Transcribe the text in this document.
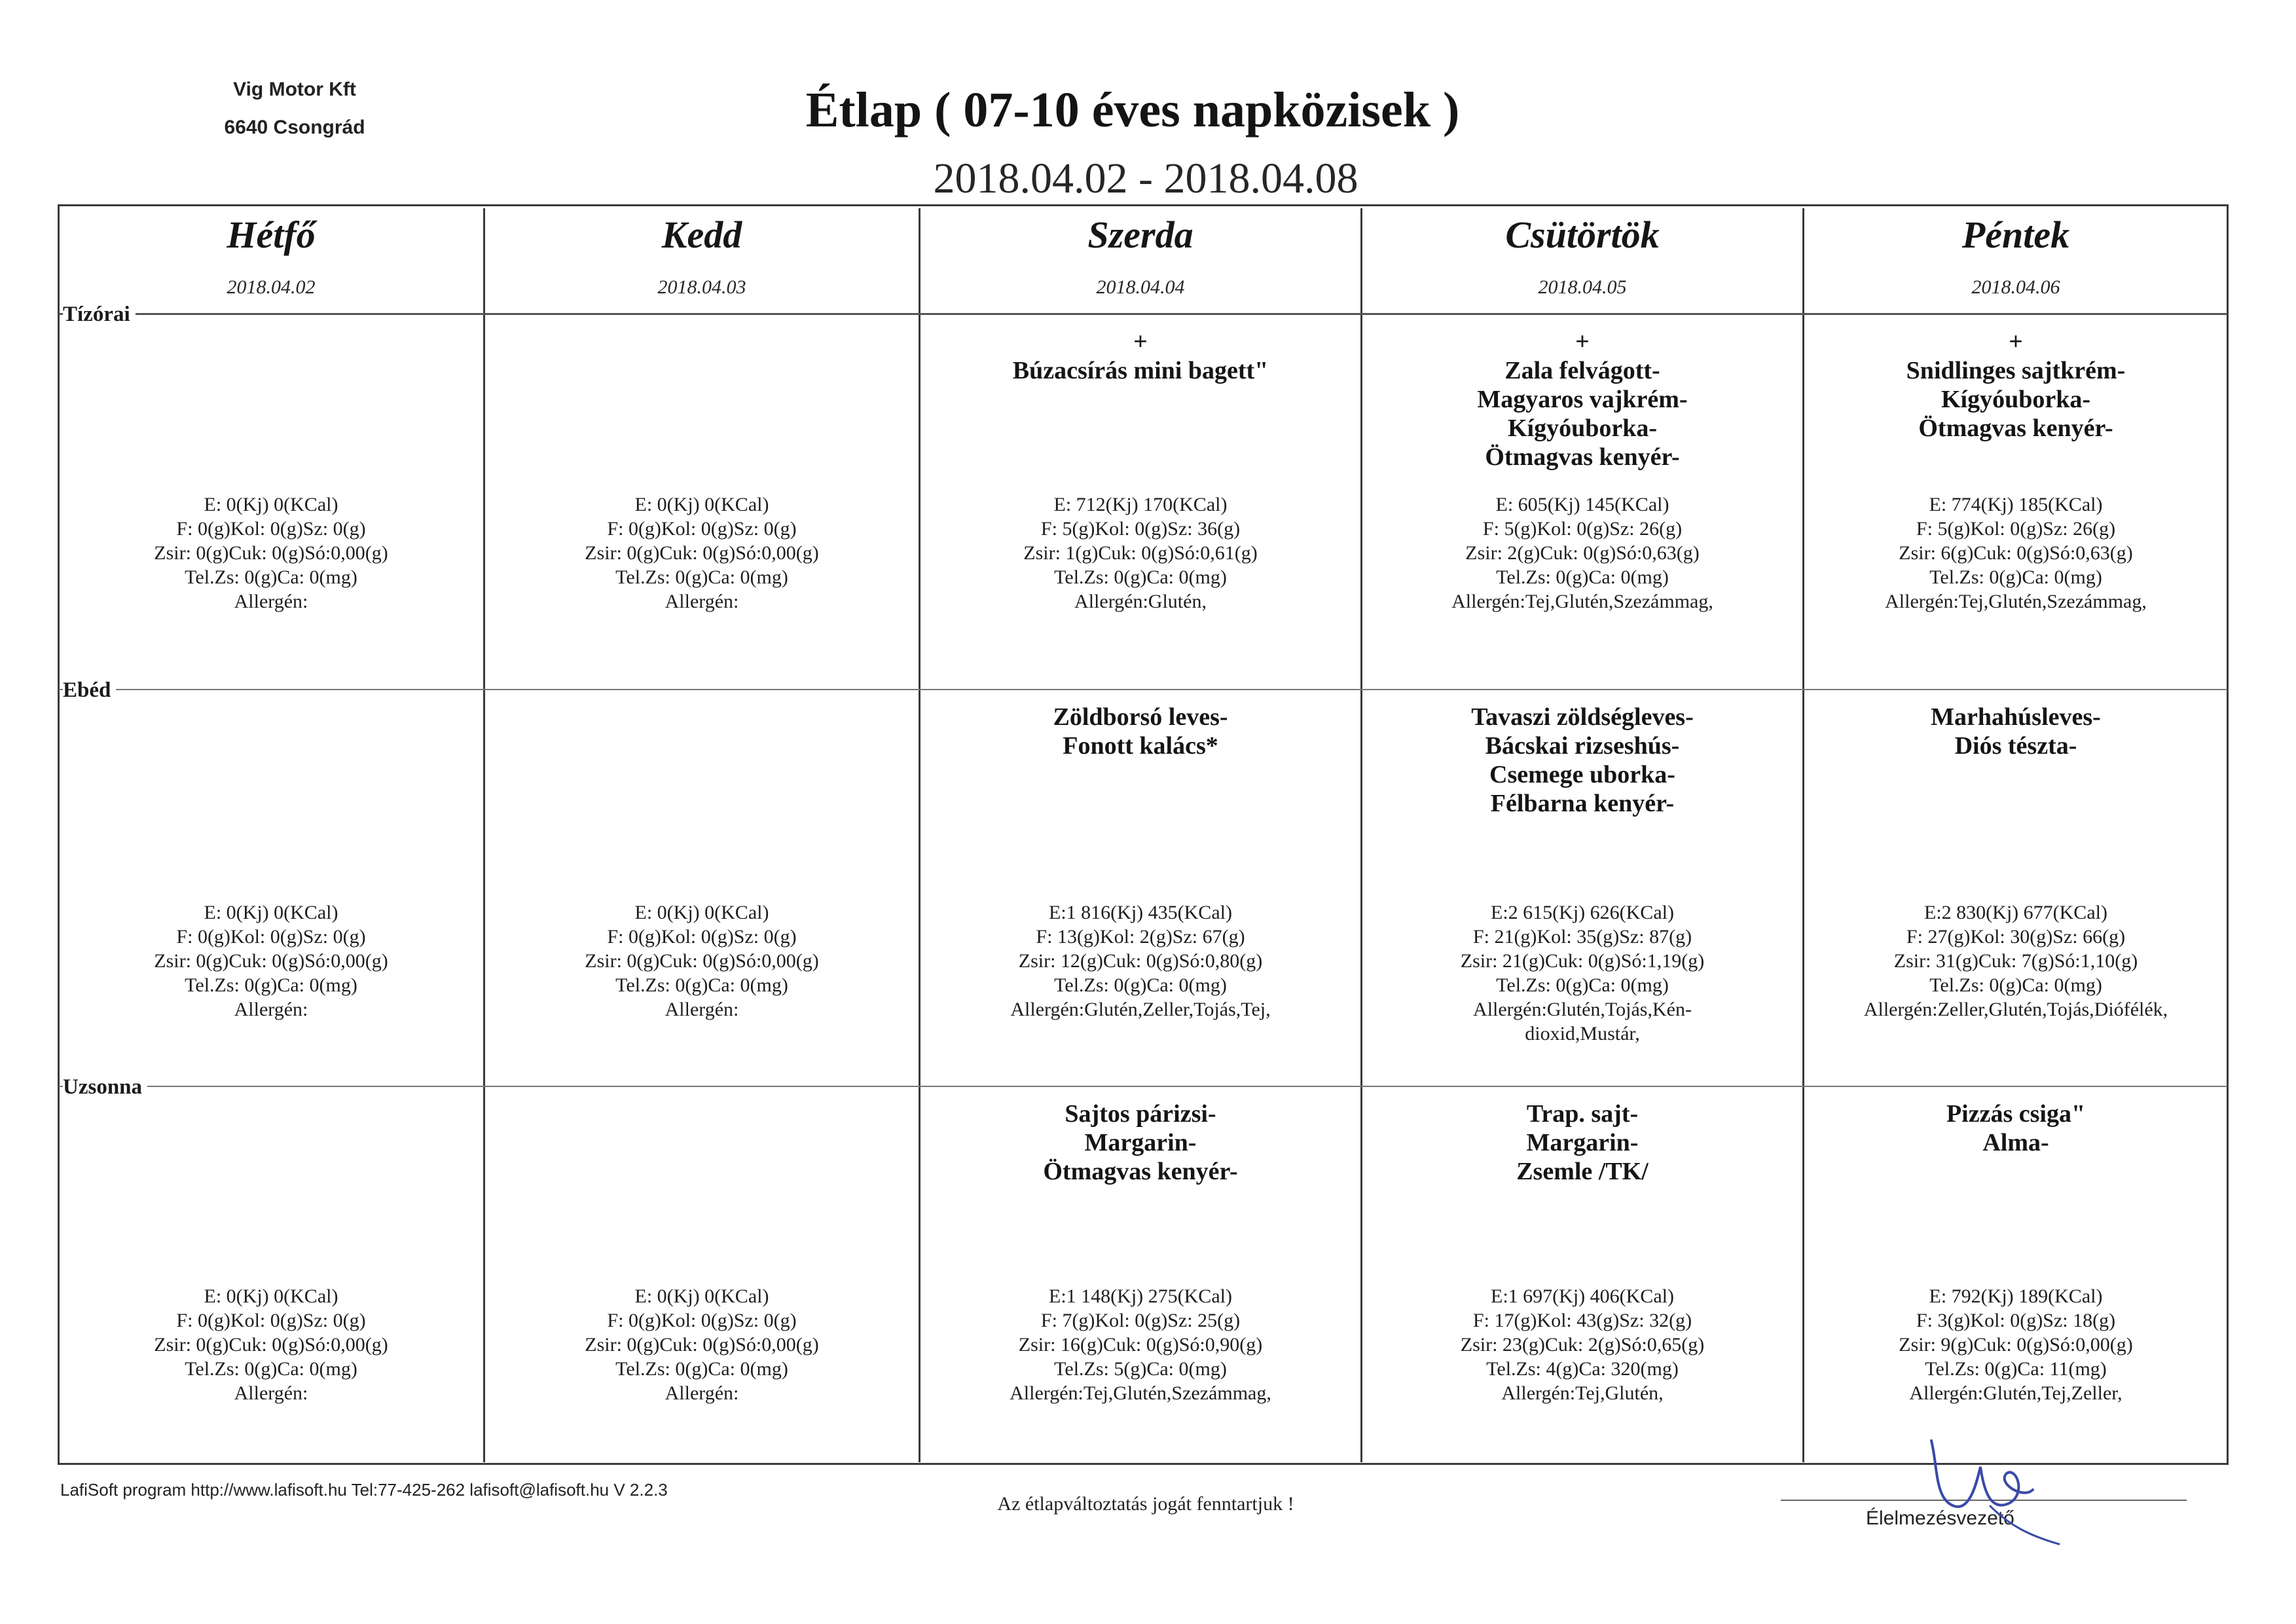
Vig Motor Kft
6640 Csongrád	Étlap ( 07-10 éves napközisek )
2018.04.02 - 2018.04.08
Hétfő
2018.04.02
Kedd
2018.04.03
Szerda
2018.04.04
Csütörtök
2018.04.05
Péntek
2018.04.06
Tízórai
Ebéd
Uzsonna
E: 0(Kj) 0(KCal)
F: 0(g)Kol: 0(g)Sz: 0(g)
Zsir: 0(g)Cuk: 0(g)Só:0,00(g)
Tel.Zs: 0(g)Ca: 0(mg)
Allergén:
E: 0(Kj) 0(KCal)
F: 0(g)Kol: 0(g)Sz: 0(g)
Zsir: 0(g)Cuk: 0(g)Só:0,00(g)
Tel.Zs: 0(g)Ca: 0(mg)
Allergén:
+
Búzacsírás mini bagett"
E: 712(Kj) 170(KCal)
F: 5(g)Kol: 0(g)Sz: 36(g)
Zsir: 1(g)Cuk: 0(g)Só:0,61(g)
Tel.Zs: 0(g)Ca: 0(mg)
Allergén:Glutén,
+
Zala felvágott-
Magyaros vajkrém-
Kígyóuborka-
Ötmagvas kenyér-
E: 605(Kj) 145(KCal)
F: 5(g)Kol: 0(g)Sz: 26(g)
Zsir: 2(g)Cuk: 0(g)Só:0,63(g)
Tel.Zs: 0(g)Ca: 0(mg)
Allergén:Tej,Glutén,Szezámmag,
+
Snidlinges sajtkrém-
Kígyóuborka-
Ötmagvas kenyér-
E: 774(Kj) 185(KCal)
F: 5(g)Kol: 0(g)Sz: 26(g)
Zsir: 6(g)Cuk: 0(g)Só:0,63(g)
Tel.Zs: 0(g)Ca: 0(mg)
Allergén:Tej,Glutén,Szezámmag,
E: 0(Kj) 0(KCal)
F: 0(g)Kol: 0(g)Sz: 0(g)
Zsir: 0(g)Cuk: 0(g)Só:0,00(g)
Tel.Zs: 0(g)Ca: 0(mg)
Allergén:
E: 0(Kj) 0(KCal)
F: 0(g)Kol: 0(g)Sz: 0(g)
Zsir: 0(g)Cuk: 0(g)Só:0,00(g)
Tel.Zs: 0(g)Ca: 0(mg)
Allergén:
Zöldborsó leves-
Fonott kalács*
E:1 816(Kj) 435(KCal)
F: 13(g)Kol: 2(g)Sz: 67(g)
Zsir: 12(g)Cuk: 0(g)Só:0,80(g)
Tel.Zs: 0(g)Ca: 0(mg)
Allergén:Glutén,Zeller,Tojás,Tej,
Tavaszi zöldségleves-
Bácskai rizseshús-
Csemege uborka-
Félbarna kenyér-
E:2 615(Kj) 626(KCal)
F: 21(g)Kol: 35(g)Sz: 87(g)
Zsir: 21(g)Cuk: 0(g)Só:1,19(g)
Tel.Zs: 0(g)Ca: 0(mg)
Allergén:Glutén,Tojás,Kén-
dioxid,Mustár,
Marhahúsleves-
Diós tészta-
E:2 830(Kj) 677(KCal)
F: 27(g)Kol: 30(g)Sz: 66(g)
Zsir: 31(g)Cuk: 7(g)Só:1,10(g)
Tel.Zs: 0(g)Ca: 0(mg)
Allergén:Zeller,Glutén,Tojás,Diófélék,
E: 0(Kj) 0(KCal)
F: 0(g)Kol: 0(g)Sz: 0(g)
Zsir: 0(g)Cuk: 0(g)Só:0,00(g)
Tel.Zs: 0(g)Ca: 0(mg)
Allergén:
E: 0(Kj) 0(KCal)
F: 0(g)Kol: 0(g)Sz: 0(g)
Zsir: 0(g)Cuk: 0(g)Só:0,00(g)
Tel.Zs: 0(g)Ca: 0(mg)
Allergén:
Sajtos párizsi-
Margarin-
Ötmagvas kenyér-
E:1 148(Kj) 275(KCal)
F: 7(g)Kol: 0(g)Sz: 25(g)
Zsir: 16(g)Cuk: 0(g)Só:0,90(g)
Tel.Zs: 5(g)Ca: 0(mg)
Allergén:Tej,Glutén,Szezámmag,
Trap. sajt-
Margarin-
Zsemle /TK/
E:1 697(Kj) 406(KCal)
F: 17(g)Kol: 43(g)Sz: 32(g)
Zsir: 23(g)Cuk: 2(g)Só:0,65(g)
Tel.Zs: 4(g)Ca: 320(mg)
Allergén:Tej,Glutén,
Pizzás csiga"
Alma-
E: 792(Kj) 189(KCal)
F: 3(g)Kol: 0(g)Sz: 18(g)
Zsir: 9(g)Cuk: 0(g)Só:0,00(g)
Tel.Zs: 0(g)Ca: 11(mg)
Allergén:Glutén,Tej,Zeller,
LafiSoft program http://www.lafisoft.hu Tel:77-425-262 lafisoft@lafisoft.hu V 2.2.3
Az étlapváltoztatás jogát fenntartjuk !
Élelmezésvezető
